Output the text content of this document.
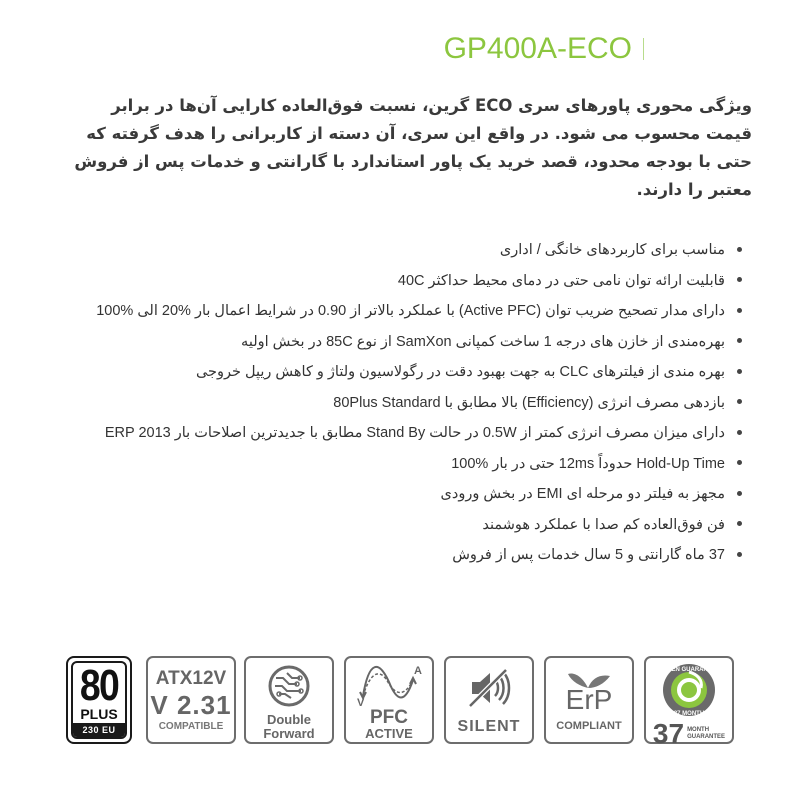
GP400A-ECO

ویژگی محوری پاورهای سری ECO گرین، نسبت فوق‌العاده کارایی آن‌ها در برابر قیمت محسوب می شود. در واقع این سری، آن دسته از کاربرانی را هدف گرفته که حتی با بودجه محدود، قصد خرید یک پاور استاندارد با گارانتی و خدمات پس از فروش معتبر را دارند.

مناسب برای کاربردهای خانگی / اداری
قابلیت ارائه توان نامی حتی در دمای محیط حداکثر 40C
دارای مدار تصحیح ضریب توان (Active PFC) با عملکرد بالاتر از 0.90 در شرایط اعمال بار %20 الی %100
بهره‌مندی از خازن های درجه 1 ساخت کمپانی SamXon از نوع 85C در بخش اولیه
بهره مندی از فیلترهای CLC به جهت بهبود دقت در رگولاسیون ولتاژ و کاهش ریپل خروجی
بازدهی مصرف انرژی (Efficiency) بالا مطابق با 80Plus Standard
دارای میزان مصرف انرژی کمتر از 0.5W در حالت Stand By مطابق با جدیدترین اصلاحات بار ERP 2013
Hold-Up Time حدوداً 12ms حتی در بار %100
مجهز به فیلتر دو مرحله ای EMI در بخش ورودی
فن فوق‌العاده کم صدا با عملکرد هوشمند
37 ماه گارانتی و 5 سال خدمات پس از فروش
80
PLUS
230 EU
ATX12V
V 2.31
COMPATIBLE	Double
Forward
V
A
PFC
ACTIVE	SILENT
ErP
COMPLIANT
GREEN GUARANTEE
37 MONTH
37 MONTH
GUARANTEE
